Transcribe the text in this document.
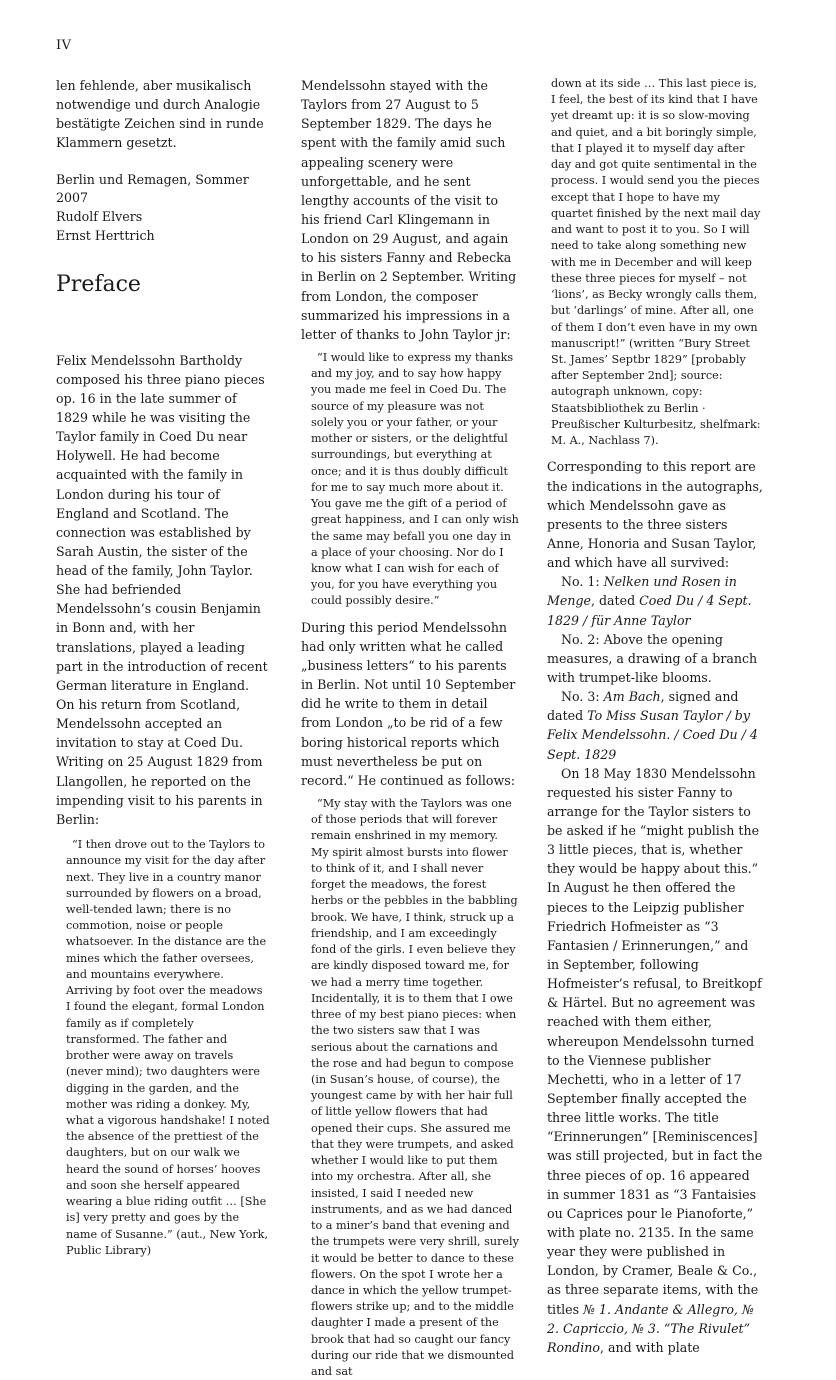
IV

len fehlende, aber musikalisch notwendige und durch Analogie bestätigte Zeichen sind in runde Klammern gesetzt.

Berlin und Remagen, Sommer 2007

Rudolf Elvers

Ernst Herttrich

Preface

Felix Mendelssohn Bartholdy composed his three piano pieces op. 16 in the late summer of 1829 while he was visiting the Taylor family in Coed Du near Holywell. He had become acquainted with the family in London during his tour of England and Scotland. The connection was established by Sarah Austin, the sister of the head of the family, John Taylor. She had befriended Mendelssohn’s cousin Benjamin in Bonn and, with her translations, played a leading part in the introduction of recent German literature in England. On his return from Scotland, Mendelssohn accepted an invitation to stay at Coed Du. Writing on 25 August 1829 from Llangollen, he reported on the impending visit to his parents in Berlin:

“I then drove out to the Taylors to announce my visit for the day after next. They live in a country manor surrounded by flowers on a broad, well-tended lawn; there is no commotion, noise or people whatsoever. In the distance are the mines which the father oversees, and mountains everywhere. Arriving by foot over the meadows I found the elegant, formal London family as if completely transformed. The father and brother were away on travels (never mind); two daughters were digging in the garden, and the mother was riding a donkey. My, what a vigorous handshake! I noted the absence of the prettiest of the daughters, but on our walk we heard the sound of horses’ hooves and soon she herself appeared wearing a blue riding outfit … [She is] very pretty and goes by the name of Susanne.” (aut., New York, Public Library)

Mendelssohn stayed with the Taylors from 27 August to 5 September 1829. The days he spent with the family amid such appealing scenery were unforgettable, and he sent lengthy accounts of the visit to his friend Carl Klingemann in London on 29 August, and again to his sisters Fanny and Rebecka in Berlin on 2 September. Writing from London, the composer summarized his impressions in a letter of thanks to John Taylor jr:

“I would like to express my thanks and my joy, and to say how happy you made me feel in Coed Du. The source of my pleasure was not solely you or your father, or your mother or sisters, or the delightful surroundings, but everything at once; and it is thus doubly difficult for me to say much more about it. You gave me the gift of a period of great happiness, and I can only wish the same may befall you one day in a place of your choosing. Nor do I know what I can wish for each of you, for you have everything you could possibly desire.”

During this period Mendelssohn had only written what he called „business letters“ to his parents in Berlin. Not until 10 September did he write to them in detail from London „to be rid of a few boring historical reports which must nevertheless be put on record.“ He continued as follows:

“My stay with the Taylors was one of those periods that will forever remain enshrined in my memory. My spirit almost bursts into flower to think of it, and I shall never forget the meadows, the forest herbs or the pebbles in the babbling brook. We have, I think, struck up a friendship, and I am exceedingly fond of the girls. I even believe they are kindly disposed toward me, for we had a merry time together. Incidentally, it is to them that I owe three of my best piano pieces: when the two sisters saw that I was serious about the carnations and the rose and had begun to compose (in Susan’s house, of course), the youngest came by with her hair full of little yellow flowers that had opened their cups. She assured me that they were trumpets, and asked whether I would like to put them into my orchestra. After all, she insisted, I said I needed new instruments, and as we had danced to a miner’s band that evening and the trumpets were very shrill, surely it would be better to dance to these flowers. On the spot I wrote her a dance in which the yellow trumpet-flowers strike up; and to the middle daughter I made a present of the brook that had so caught our fancy during our ride that we dismounted and sat

down at its side … This last piece is, I feel, the best of its kind that I have yet dreamt up: it is so slow-moving and quiet, and a bit boringly simple, that I played it to myself day after day and got quite sentimental in the process. I would send you the pieces except that I hope to have my quartet finished by the next mail day and want to post it to you. So I will need to take along something new with me in December and will keep these three pieces for myself – not ‘lions’, as Becky wrongly calls them, but ‘darlings’ of mine. After all, one of them I don’t even have in my own manuscript!” (written “Bury Street St. James’ Septbr 1829” [probably after September 2nd]; source: autograph unknown, copy: Staatsbibliothek zu Berlin · Preußischer Kulturbesitz, shelfmark: M. A., Nachlass 7).

Corresponding to this report are the indications in the autographs, which Mendelssohn gave as presents to the three sisters Anne, Honoria and Susan Taylor, and which have all survived:

No. 1: Nelken und Rosen in Menge, dated Coed Du / 4 Sept. 1829 / für Anne Taylor

No. 2: Above the opening measures, a drawing of a branch with trumpet-like blooms.

No. 3: Am Bach, signed and dated To Miss Susan Taylor / by Felix Mendelssohn. / Coed Du / 4 Sept. 1829

On 18 May 1830 Mendelssohn requested his sister Fanny to arrange for the Taylor sisters to be asked if he “might publish the 3 little pieces, that is, whether they would be happy about this.” In August he then offered the pieces to the Leipzig publisher Friedrich Hofmeister as “3 Fantasien / Erinnerungen,” and in September, following Hofmeister’s refusal, to Breitkopf & Härtel. But no agreement was reached with them either, whereupon Mendelssohn turned to the Viennese publisher Mechetti, who in a letter of 17 September finally accepted the three little works. The title “Erinnerungen” [Reminiscences] was still projected, but in fact the three pieces of op. 16 appeared in summer 1831 as “3 Fantaisies ou Caprices pour le Pianoforte,” with plate no. 2135. In the same year they were published in London, by Cramer, Beale & Co., as three separate items, with the titles № 1. Andante & Allegro, № 2. Capriccio, № 3. “The Rivulet” Rondino, and with plate
